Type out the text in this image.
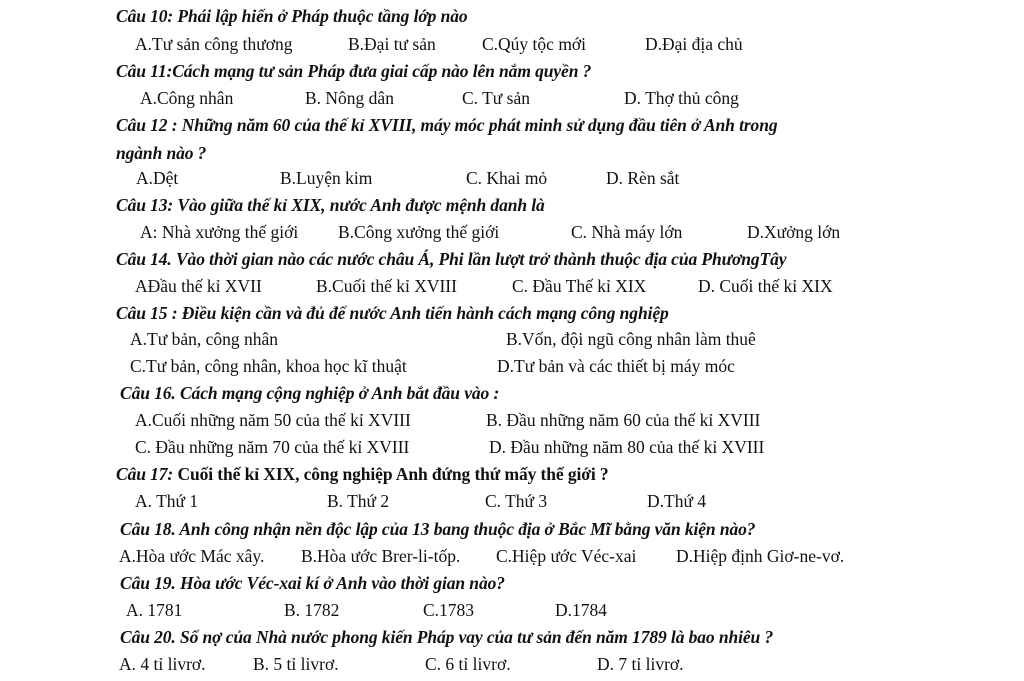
Câu 10: Phái lập hiến ở Pháp thuộc tầng lớp nào
A.Tư sản công thương	B.Đại tư sản	C.Qúy tộc mới	D.Đại địa chủ
Câu 11:Cách mạng tư sản Pháp đưa giai cấp nào lên nắm quyền ?
A.Công nhân	B. Nông dân	C. Tư sản	D. Thợ thủ công
Câu 12 : Những năm 60 của thế kỉ XVIII, máy móc phát minh sử dụng đầu tiên ở Anh trong
ngành nào ?
A.Dệt	B.Luyện kim	C. Khai mỏ	D. Rèn sắt
Câu 13: Vào giữa thế kỉ XIX, nước Anh được mệnh danh là
A: Nhà xưởng thế giới B.Công xưởng thế giới	C. Nhà máy lớn	D.Xưởng lớn
Câu 14. Vào thời gian nào các nước châu Á, Phi lần lượt trở thành thuộc địa của PhươngTây
AĐầu thế kỉ XVII	B.Cuối thế kỉ XVIII	C. Đầu Thế kỉ XIX	D. Cuối thế kỉ XIX
Câu 15 : Điều kiện cần và đủ để nước Anh tiến hành cách mạng công nghiệp
A.Tư bản, công nhân	B.Vốn, đội ngũ công nhân làm thuê
C.Tư bản, công nhân, khoa học kĩ thuật	D.Tư bản và các thiết bị máy móc
Câu 16. Cách mạng cộng nghiệp ở Anh bắt đầu vào :
A.Cuối những năm 50 của thế kỉ XVIII	B. Đầu những năm 60 của thế kỉ XVIII
C. Đầu những năm 70 của thế kỉ XVIII	D. Đầu những năm 80 của thế kỉ XVIII
Câu 17: Cuối thế kỉ XIX, công nghiệp Anh đứng thứ mấy thế giới ?
A. Thứ 1	B. Thứ 2	C. Thứ 3	D.Thứ 4
Câu 18. Anh công nhận nền độc lập của 13 bang thuộc địa ở Bắc Mĩ bằng văn kiện nào?
A.Hòa ước Mác xây. B.Hòa ước Brer-li-tốp. C.Hiệp ước Véc-xai D.Hiệp định Giơ-ne-vơ.
Câu 19. Hòa ước Véc-xai kí ở Anh vào thời gian nào?
A. 1781	B. 1782	C.1783	D.1784
Câu 20. Số nợ của Nhà nước phong kiến Pháp vay của tư sản đến năm 1789 là bao nhiêu ?
A. 4 tỉ livrơ.	B. 5 tỉ livrơ.	C. 6 tỉ livrơ.	D. 7 tỉ livrơ.
